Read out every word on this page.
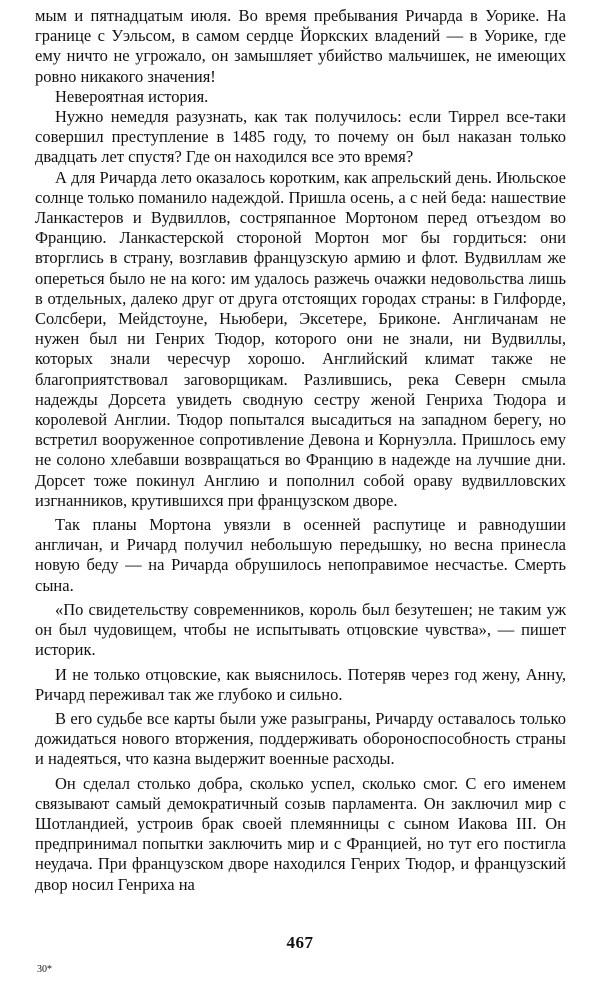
мым и пятнадцатым июля. Во время пребывания Ричарда в Уорике. На границе с Уэльсом, в самом сердце Йоркских владений — в Уорике, где ему ничто не угрожало, он замышляет убийство мальчишек, не имеющих ровно никакого значения!

Невероятная история.

Нужно немедля разузнать, как так получилось: если Тиррел все-таки совершил преступление в 1485 году, то почему он был наказан только двадцать лет спустя? Где он находился все это время?

А для Ричарда лето оказалось коротким, как апрельский день. Июльское солнце только поманило надеждой. Пришла осень, а с ней беда: нашествие Ланкастеров и Вудвиллов, состряпанное Мортоном перед отъездом во Францию. Ланкастерской стороной Мортон мог бы гордиться: они вторглись в страну, возглавив французскую армию и флот. Вудвиллам же опереться было не на кого: им удалось разжечь очажки недовольства лишь в отдельных, далеко друг от друга отстоящих городах страны: в Гилфорде, Солсбери, Мейдстоуне, Ньюбери, Эксетере, Бриконе. Англичанам не нужен был ни Генрих Тюдор, которого они не знали, ни Вудвиллы, которых знали чересчур хорошо. Английский климат также не благоприятствовал заговорщикам. Разлившись, река Северн смыла надежды Дорсета увидеть сводную сестру женой Генриха Тюдора и королевой Англии. Тюдор попытался высадиться на западном берегу, но встретил вооруженное сопротивление Девона и Корнуэлла. Пришлось ему не солоно хлебавши возвращаться во Францию в надежде на лучшие дни. Дорсет тоже покинул Англию и пополнил собой ораву вудвилловских изгнанников, крутившихся при французском дворе.

Так планы Мортона увязли в осенней распутице и равнодушии англичан, и Ричард получил небольшую передышку, но весна принесла новую беду — на Ричарда обрушилось непоправимое несчастье. Смерть сына.

«По свидетельству современников, король был безутешен; не таким уж он был чудовищем, чтобы не испытывать отцовские чувства», — пишет историк.

И не только отцовские, как выяснилось. Потеряв через год жену, Анну, Ричард переживал так же глубоко и сильно.

В его судьбе все карты были уже разыграны, Ричарду оставалось только дожидаться нового вторжения, поддерживать обороноспособность страны и надеяться, что казна выдержит военные расходы.

Он сделал столько добра, сколько успел, сколько смог. С его именем связывают самый демократичный созыв парламента. Он заключил мир с Шотландией, устроив брак своей племянницы с сыном Иакова III. Он предпринимал попытки заключить мир и с Францией, но тут его постигла неудача. При французском дворе находился Генрих Тюдор, и французский двор носил Генриха на

467
30*
